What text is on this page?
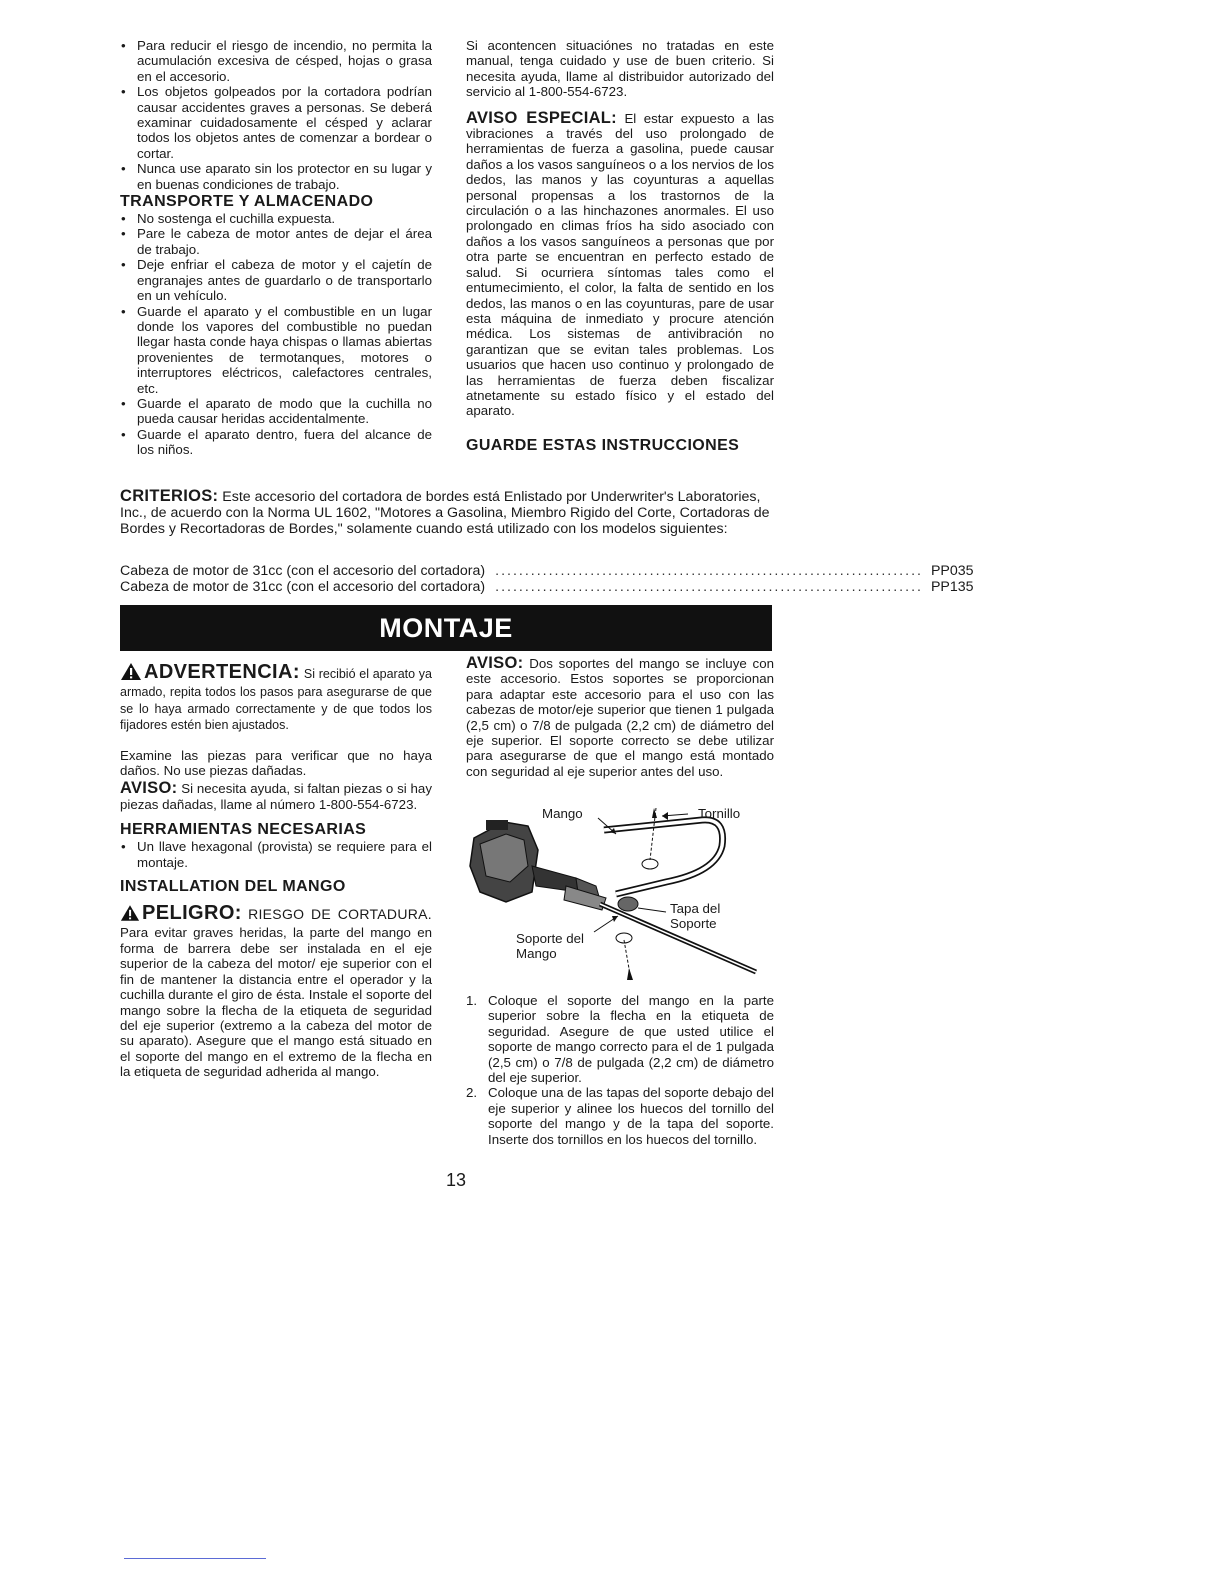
• Para reducir el riesgo de incendio, no permita la acumulación excesiva de césped, hojas o grasa en el accesorio.
• Los objetos golpeados por la cortadora podrían causar accidentes graves a personas. Se deberá examinar cuidadosamente el césped y aclarar todos los objetos antes de comenzar a bordear o cortar.
• Nunca use aparato sin los protector en su lugar y en buenas condiciones de trabajo.
TRANSPORTE Y ALMACENADO
• No sostenga el cuchilla expuesta.
• Pare le cabeza de motor antes de dejar el área de trabajo.
• Deje enfriar el cabeza de motor y el cajetín de engranajes antes de guardarlo o de transportarlo en un vehículo.
• Guarde el aparato y el combustible en un lugar donde los vapores del combustible no puedan llegar hasta conde haya chispas o llamas abiertas provenientes de termotanques, motores o interruptores eléctricos, calefactores centrales, etc.
• Guarde el aparato de modo que la cuchilla no pueda causar heridas accidentalmente.
• Guarde el aparato dentro, fuera del alcance de los niños.

Si acontencen situaciónes no tratadas en este manual, tenga cuidado y use de buen criterio. Si necesita ayuda, llame al distribuidor autorizado del servicio al 1-800-554-6723.

AVISO ESPECIAL: El estar expuesto a las vibraciones a través del uso prolongado de herramientas de fuerza a gasolina, puede causar daños a los vasos sanguíneos o a los nervios de los dedos, las manos y las coyunturas a aquellas personal propensas a los trastornos de la circulación o a las hinchazones anormales. El uso prolongado en climas fríos ha sido asociado con daños a los vasos sanguíneos a personas que por otra parte se encuentran en perfecto estado de salud. Si ocurriera síntomas tales como el entumecimiento, el color, la falta de sentido en los dedos, las manos o en las coyunturas, pare de usar esta máquina de inmediato y procure atención médica. Los sistemas de antivibración no garantizan que se evitan tales problemas. Los usuarios que hacen uso continuo y prolongado de las herramientas de fuerza deben fiscalizar atnetamente su estado físico y el estado del aparato.

GUARDE ESTAS INSTRUCCIONES
CRITERIOS: Este accesorio del cortadora de bordes está Enlistado por Underwriter's Laboratories, Inc., de acuerdo con la Norma UL 1602, "Motores a Gasolina, Miembro Rigido del Corte, Cortadoras de Bordes y Recortadoras de Bordes," solamente cuando está utilizado con los modelos siguientes:
Cabeza de motor de 31cc (con el accesorio del cortadora) ........................................................................ PP035
Cabeza de motor de 31cc (con el accesorio del cortadora) ........................................................................ PP135
MONTAJE

ADVERTENCIA: Si recibió el aparato ya armado, repita todos los pasos para asegurarse de que se lo haya armado correctamente y de que todos los fijadores estén bien ajustados.

Examine las piezas para verificar que no haya daños. No use piezas dañadas.

AVISO: Si necesita ayuda, si faltan piezas o si hay piezas dañadas, llame al número 1-800-554-6723.

HERRAMIENTAS NECESARIAS
• Un llave hexagonal (provista) se requiere para el montaje.
INSTALLATION DEL MANGO

PELIGRO: RIESGO DE CORTADURA. Para evitar graves heridas, la parte del mango en forma de barrera debe ser instalada en el eje superior de la cabeza del motor/ eje superior con el fin de mantener la distancia entre el operador y la cuchilla durante el giro de ésta. Instale el soporte del mango sobre la flecha de la etiqueta de seguridad del eje superior (extremo a la cabeza del motor de su aparato). Asegure que el mango está situado en el soporte del mango en el extremo de la flecha en la etiqueta de seguridad adherida al mango.

AVISO: Dos soportes del mango se incluye con este accesorio. Estos soportes se proporcionan para adaptar este accesorio para el uso con las cabezas de motor/eje superior que tienen 1 pulgada (2,5 cm) o 7/8 de pulgada (2,2 cm) de diámetro del eje superior. El soporte correcto se debe utilizar para asegurarse de que el mango está montado con seguridad al eje superior antes del uso.

Mango	Tornillo
Tapa del Soporte
Soporte del Mango
1. Coloque el soporte del mango en la parte superior sobre la flecha en la etiqueta de seguridad. Asegure de que usted utilice el soporte de mango correcto para el de 1 pulgada (2,5 cm) o 7/8 de pulgada (2,2 cm) de diámetro del eje superior.
2. Coloque una de las tapas del soporte debajo del eje superior y alinee los huecos del tornillo del soporte del mango y de la tapa del soporte. Inserte dos tornillos en los huecos del tornillo.
13
